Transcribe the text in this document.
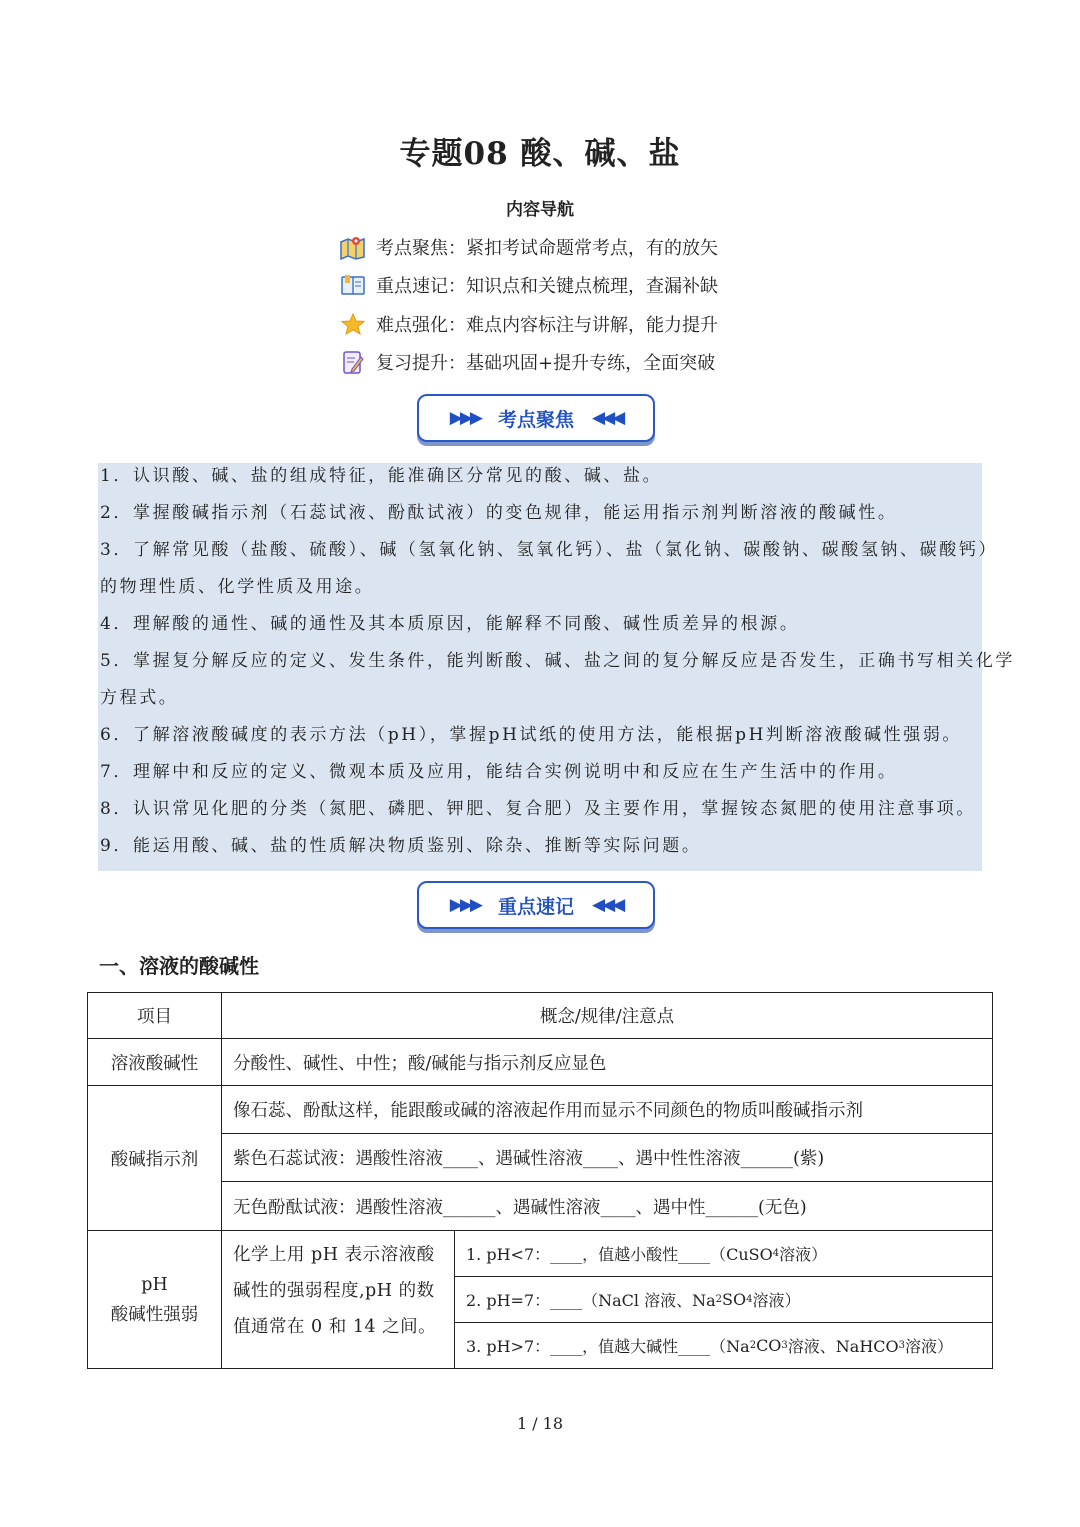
专题08 酸、碱、盐
内容导航
考点聚焦：紧扣考试命题常考点，有的放矢
重点速记：知识点和关键点梳理，查漏补缺
难点强化：难点内容标注与讲解，能力提升
复习提升：基础巩固+提升专练，全面突破
▶▶▶ 考点聚焦 ◀◀◀
1．认识酸、碱、盐的组成特征，能准确区分常见的酸、碱、盐。
2．掌握酸碱指示剂（石蕊试液、酚酞试液）的变色规律，能运用指示剂判断溶液的酸碱性。
3．了解常见酸（盐酸、硫酸）、碱（氢氧化钠、氢氧化钙）、盐（氯化钠、碳酸钠、碳酸氢钠、碳酸钙）
的物理性质、化学性质及用途。
4．理解酸的通性、碱的通性及其本质原因，能解释不同酸、碱性质差异的根源。
5．掌握复分解反应的定义、发生条件，能判断酸、碱、盐之间的复分解反应是否发生，正确书写相关化学
方程式。
6．了解溶液酸碱度的表示方法（pH），掌握pH试纸的使用方法，能根据pH判断溶液酸碱性强弱。
7．理解中和反应的定义、微观本质及应用，能结合实例说明中和反应在生产生活中的作用。
8．认识常见化肥的分类（氮肥、磷肥、钾肥、复合肥）及主要作用，掌握铵态氮肥的使用注意事项。
9．能运用酸、碱、盐的性质解决物质鉴别、除杂、推断等实际问题。
▶▶▶ 重点速记 ◀◀◀
一、溶液的酸碱性
项目	概念/规律/注意点
溶液酸碱性	分酸性、碱性、中性；酸/碱能与指示剂反应显色
酸碱指示剂
像石蕊、酚酞这样，能跟酸或碱的溶液起作用而显示不同颜色的物质叫酸碱指示剂
紫色石蕊试液：遇酸性溶液____、遇碱性溶液____、遇中性性溶液______(紫)
无色酚酞试液：遇酸性溶液______、遇碱性溶液____、遇中性______(无色)
pH
酸碱性强弱
化学上用 pH 表示溶液酸碱性的强弱程度,pH 的数值通常在 0 和 14 之间。
1. pH<7：____，值越小酸性____（CuSO 4 溶液）
2. pH=7：____（NaCl 溶液、Na 2 SO 4 溶液）
3. pH>7：____，值越大碱性____（Na 2 CO 3 溶液、NaHCO 3 溶液）
1 / 18
